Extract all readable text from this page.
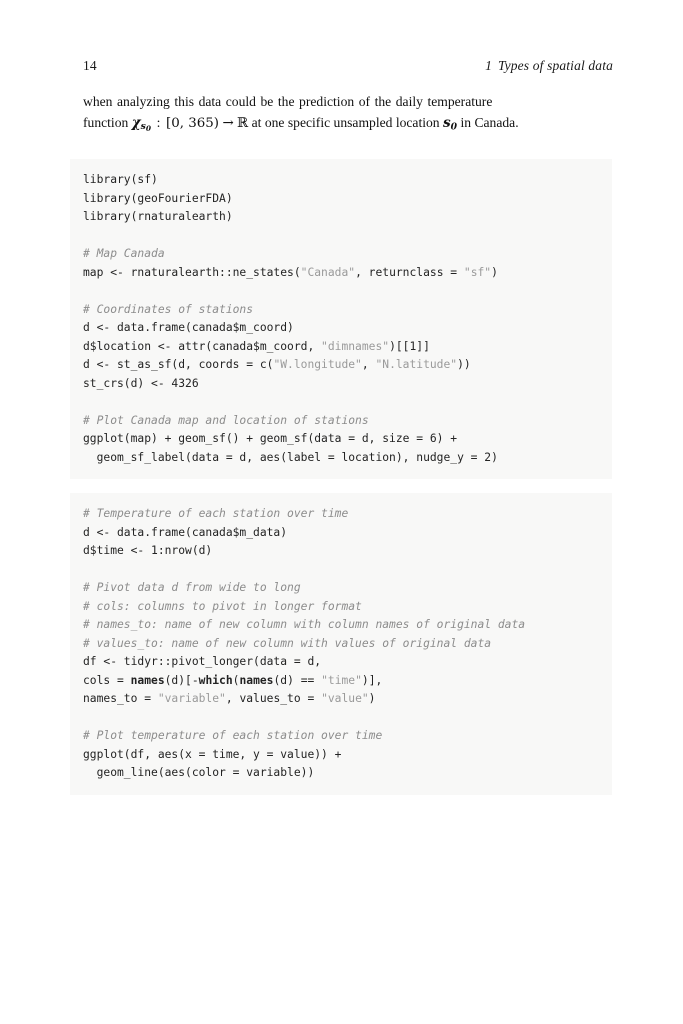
14	1 Types of spatial data
when analyzing this data could be the prediction of the daily temperature
function $\chi_{s_0}$ : [0, 365) → ℝ at one specific unsampled location $s_0$ in Canada.
library(sf)
library(geoFourierFDA)
library(rnaturalearth)

# Map Canada
map <- rnaturalearth::ne_states("Canada", returnclass = "sf")

# Coordinates of stations
d <- data.frame(canada$m_coord)
d$location <- attr(canada$m_coord, "dimnames")[[1]]
d <- st_as_sf(d, coords = c("W.longitude", "N.latitude"))
st_crs(d) <- 4326

# Plot Canada map and location of stations
ggplot(map) + geom_sf() + geom_sf(data = d, size = 6) +
geom_sf_label(data = d, aes(label = location), nudge_y = 2)
# Temperature of each station over time
d <- data.frame(canada$m_data)
d$time <- 1:nrow(d)

# Pivot data d from wide to long
# cols: columns to pivot in longer format
# names_to: name of new column with column names of original data
# values_to: name of new column with values of original data
df <- tidyr::pivot_longer(data = d,
cols = names(d)[-which(names(d) == "time")],
names_to = "variable", values_to = "value")

# Plot temperature of each station over time
ggplot(df, aes(x = time, y = value)) +
geom_line(aes(color = variable))
